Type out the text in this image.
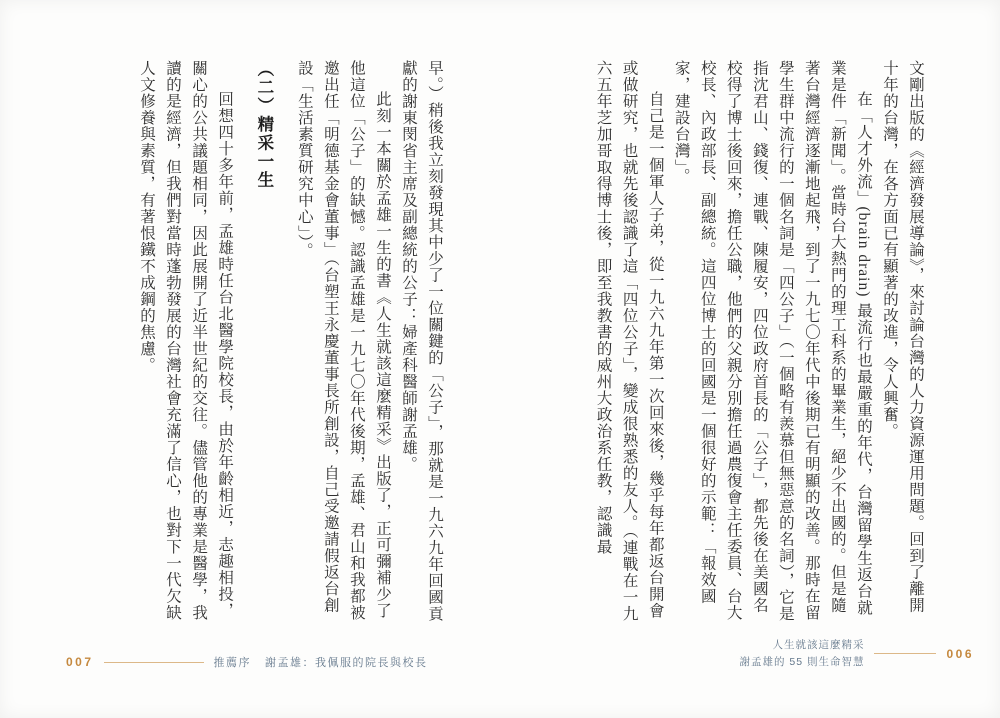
早。）稍後我立刻發現其中少了一位關鍵的「公子」，那就是一九六九年回國貢獻的謝東閔省主席及副總統的公子：婦產科醫師謝孟雄。

此刻一本關於孟雄一生的書《人生就該這麼精采》出版了，正可彌補少了他這位「公子」的缺憾。認識孟雄是一九七〇年代後期，孟雄、君山和我都被邀出任「明德基金會董事」（台塑王永慶董事長所創設，自己受邀請假返台創設「生活素質研究中心」）。

（二）精采一生

回想四十多年前，孟雄時任台北醫學院校長，由於年齡相近，志趣相投，關心的公共議題相同，因此展開了近半世紀的交往。儘管他的專業是醫學，我讀的是經濟，但我們對當時蓬勃發展的台灣社會充滿了信心，也對下一代欠缺人文修養與素質，有著恨鐵不成鋼的焦慮。

007	推薦序 謝孟雄：我佩服的院長與校長

文剛出版的《經濟發展導論》，來討論台灣的人力資源運用問題。回到了離開十年的台灣，在各方面已有顯著的改進，令人興奮。

在「人才外流」(brain drain) 最流行也最嚴重的年代，台灣留學生返台就業是件「新聞」。當時台大熱門的理工科系的畢業生，絕少不出國的。但是隨著台灣經濟逐漸地起飛，到了一九七〇年代中後期已有明顯的改善。那時在留學生群中流行的一個名詞是「四公子」（一個略有羨慕但無惡意的名詞），它是指沈君山、錢復、連戰、陳履安，四位政府首長的「公子」，都先後在美國名校得了博士後回來，擔任公職，他們的父親分別擔任過農復會主任委員、台大校長、內政部長、副總統。這四位博士的回國是一個很好的示範：「報效國家，建設台灣」。

自己是一個軍人子弟，從一九六九年第一次回來後，幾乎每年都返台開會或做研究，也就先後認識了這「四位公子」，變成很熟悉的友人。（連戰在一九六五年芝加哥取得博士後，即至我教書的威州大政治系任教，認識最

人生就該這麼精采
謝孟雄的 55 則生命智慧
006
